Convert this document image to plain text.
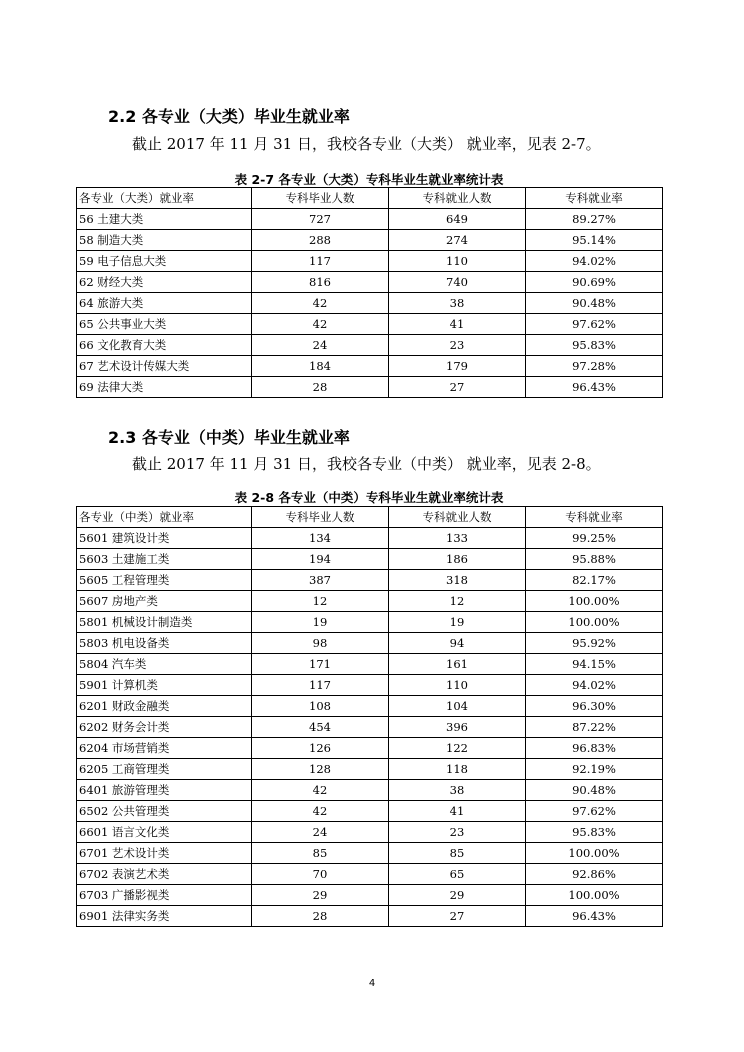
2.2 各专业（大类）毕业生就业率
截止 2017 年 11 月 31 日，我校各专业（大类） 就业率，见表 2-7。
表 2-7 各专业（大类）专科毕业生就业率统计表
各专业（大类）就业率	专科毕业人数	专科就业人数	专科就业率
56 土建大类	727	649	89.27%
58 制造大类	288	274	95.14%
59 电子信息大类	117	110	94.02%
62 财经大类	816	740	90.69%
64 旅游大类	42	38	90.48%
65 公共事业大类	42	41	97.62%
66 文化教育大类	24	23	95.83%
67 艺术设计传媒大类	184	179	97.28%
69 法律大类	28	27	96.43%
2.3 各专业（中类）毕业生就业率
截止 2017 年 11 月 31 日，我校各专业（中类） 就业率，见表 2-8。
表 2-8 各专业（中类）专科毕业生就业率统计表
各专业（中类）就业率	专科毕业人数	专科就业人数	专科就业率
5601 建筑设计类	134	133	99.25%
5603 土建施工类	194	186	95.88%
5605 工程管理类	387	318	82.17%
5607 房地产类	12	12	100.00%
5801 机械设计制造类	19	19	100.00%
5803 机电设备类	98	94	95.92%
5804 汽车类	171	161	94.15%
5901 计算机类	117	110	94.02%
6201 财政金融类	108	104	96.30%
6202 财务会计类	454	396	87.22%
6204 市场营销类	126	122	96.83%
6205 工商管理类	128	118	92.19%
6401 旅游管理类	42	38	90.48%
6502 公共管理类	42	41	97.62%
6601 语言文化类	24	23	95.83%
6701 艺术设计类	85	85	100.00%
6702 表演艺术类	70	65	92.86%
6703 广播影视类	29	29	100.00%
6901 法律实务类	28	27	96.43%
4
